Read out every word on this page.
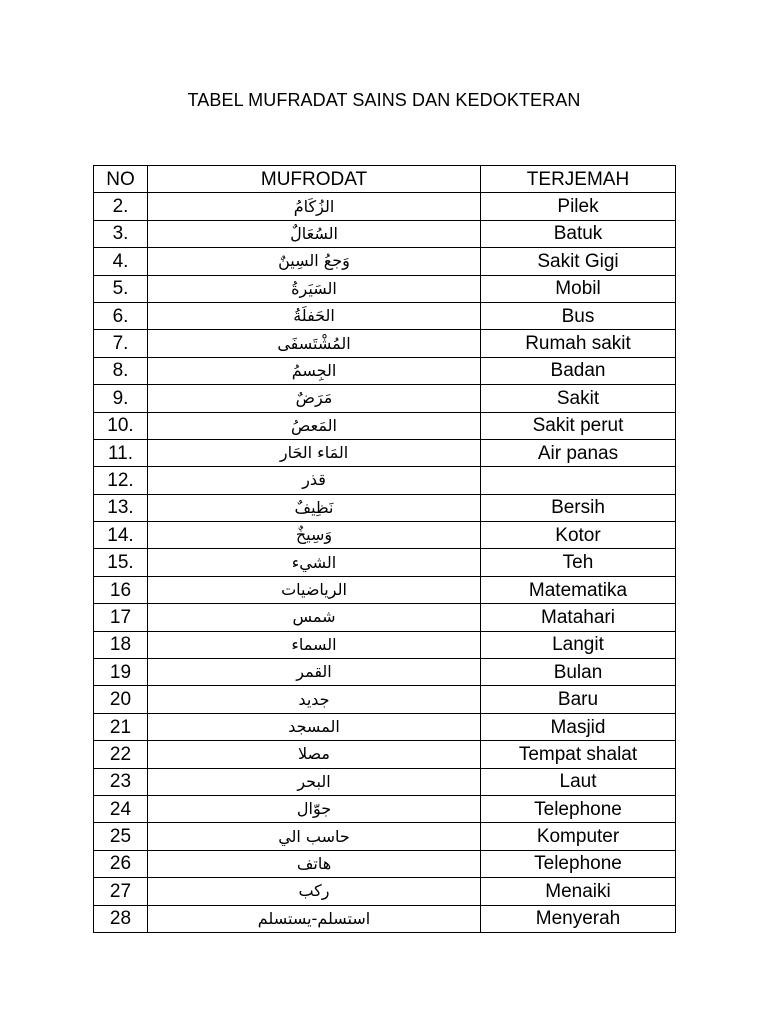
TABEL MUFRADAT SAINS DAN KEDOKTERAN
NO	MUFRODAT	TERJEMAH
2.	الزُكَامُ	Pilek
3.	السُعَالٌ	Batuk
4.	وَجعُ السِينٌ	Sakit Gigi
5.	السَيَرةُ	Mobil
6.	الحَفلَةُ	Bus
7.	المُشْتَسفَى	Rumah sakit
8.	الجِسمُ	Badan
9.	مَرَضٌ	Sakit
10.	المَعصُ	Sakit perut
11.	المَاء الحَار	Air panas
12.	قذر	
13.	نَظِيفٌ	Bersih
14.	وَسِيخٌ	Kotor
15.	الشيء	Teh
16	الرياضيات	Matematika
17	شمس	Matahari
18	السماء	Langit
19	القمر	Bulan
20	جديد	Baru
21	المسجد	Masjid
22	مصلا	Tempat shalat
23	البحر	Laut
24	جوّال	Telephone
25	حاسب الي	Komputer
26	هاتف	Telephone
27	ركب	Menaiki
28	استسلم-يستسلم	Menyerah
